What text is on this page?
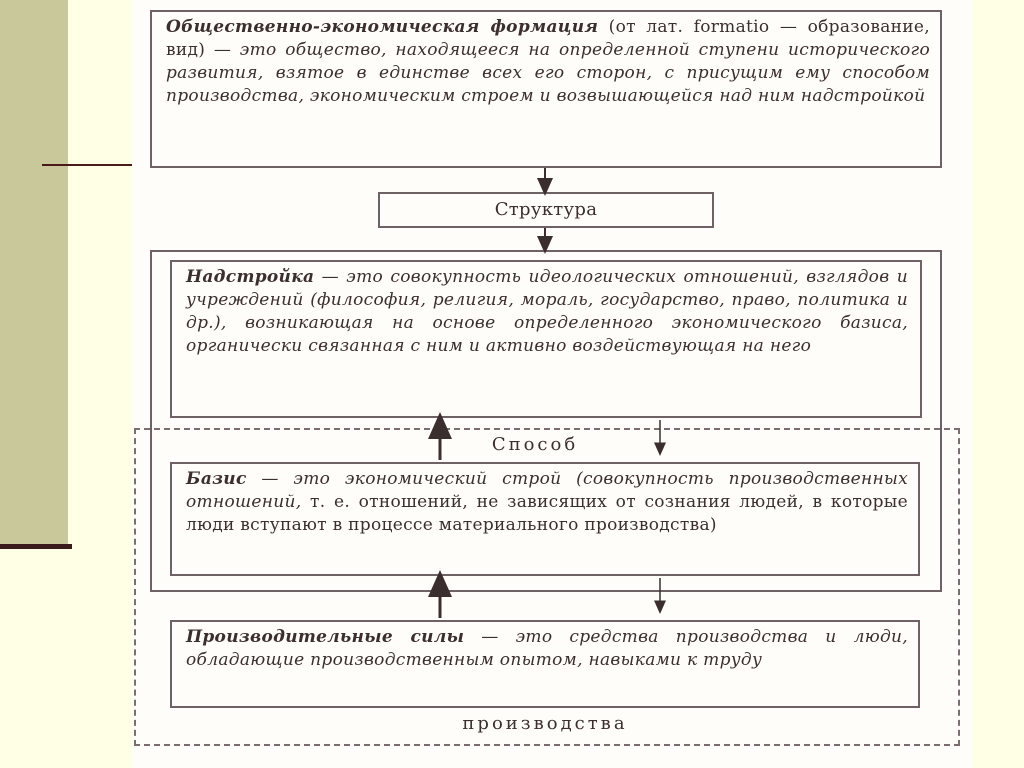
Общественно-экономическая формация (от лат. formatio — образование, вид) — это общество, находящееся на определенной ступени исторического развития, взятое в единстве всех его сторон, с присущим ему способом производства, экономическим строем и возвышающейся над ним надстройкой
Структура
Надстройка — это совокупность идеологических отношений, взглядов и учреждений (философия, религия, мораль, государство, право, политика и др.), возникающая на основе определенного экономического базиса, органически связанная с ним и активно воздействующая на него
Способ
Базис — это экономический строй (совокупность производственных отношений, т. е. отношений, не зависящих от сознания людей, в которые люди вступают в процессе материального производства)
Производительные силы — это средства производства и люди, обладающие производственным опытом, навыками к труду
производства
